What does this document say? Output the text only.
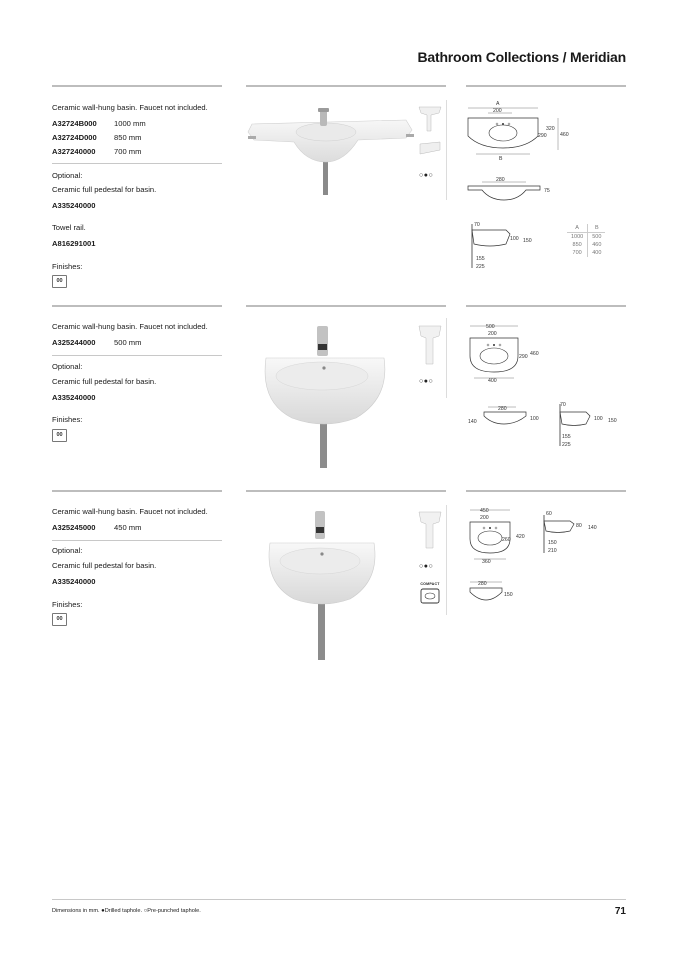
Bathroom Collections / Meridian
Ceramic wall-hung basin. Faucet not included.
A32724B000 1000 mm
A32724D000 850 mm
A327240000 700 mm
Optional:
Ceramic full pedestal for basin.
A335240000
Towel rail.
A816291001
Finishes:
00
○●○
A
200
B
320
290	460
280
75
70
100 150
155
225
A	B
1000	500
850	460
700	400
Ceramic wall-hung basin. Faucet not included.
A325244000 500 mm
Optional:
Ceramic full pedestal for basin.
A335240000
Finishes:
00
○●○
500
200
290 460
400
280
140	100
70
100 150
155
225
Ceramic wall-hung basin. Faucet not included.
A325245000 450 mm
Optional:
Ceramic full pedestal for basin.
A335240000
Finishes:
00
○●○
COMPACT
450
200
260 420
360
60
80 140
150
210
280
150
Dimensions in mm. ●Drilled taphole. ○Pre-punched taphole.	71
